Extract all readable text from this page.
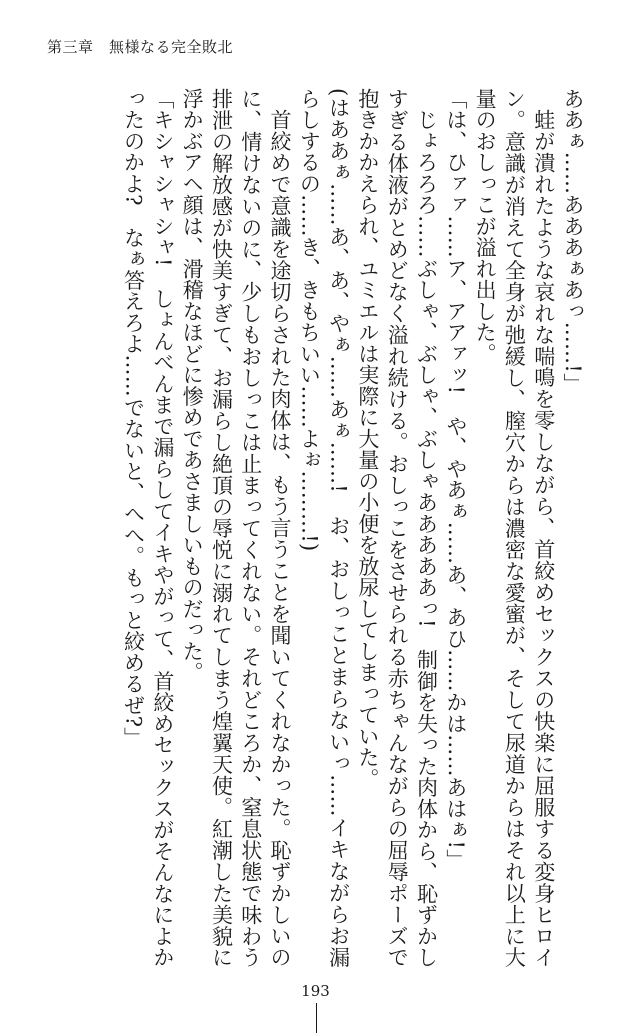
第三章　無様なる完全敗北

ああぁ……あああぁあっ……!」

蛙が潰れたような哀れな喘鳴を零しながら、首絞めセックスの快楽に屈服する変身ヒロイン。意識が消えて全身が弛緩し、膣穴からは濃密な愛蜜が、そして尿道からはそれ以上に大量のおしっこが溢れ出した。

「は、ひァァ……ア、アアァッ!　や、やあぁ……あ、あひ……かは……あはぁ!」

じょろろろ……ぶしゃ、ぶしゃ、ぶしゃあああああっ!　制御を失った肉体から、恥ずかしすぎる体液がとめどなく溢れ続ける。おしっこをさせられる赤ちゃんながらの屈辱ポーズで抱きかかえられ、ユミエルは実際に大量の小便を放尿してしまっていた。

(はああぁ……あ、あ、やぁ……あぁ……!　お、おしっことまらないっ……イキながらお漏らしするの……き、きもちいい……よぉ………!)

首絞めで意識を途切らされた肉体は、もう言うことを聞いてくれなかった。恥ずかしいのに、情けないのに、少しもおしっこは止まってくれない。それどころか、窒息状態で味わう排泄の解放感が快美すぎて、お漏らし絶頂の辱悦に溺れてしまう煌翼天使。紅潮した美貌に浮かぶアヘ顔は、滑稽なほどに惨めであさましいものだった。

「キシャシャシャ!　しょんべんまで漏らしてイキやがって、首絞めセックスがそんなによかったのかよ?　なぁ答えろよ……でないと、へへ。もっと絞めるぜ?」

193
